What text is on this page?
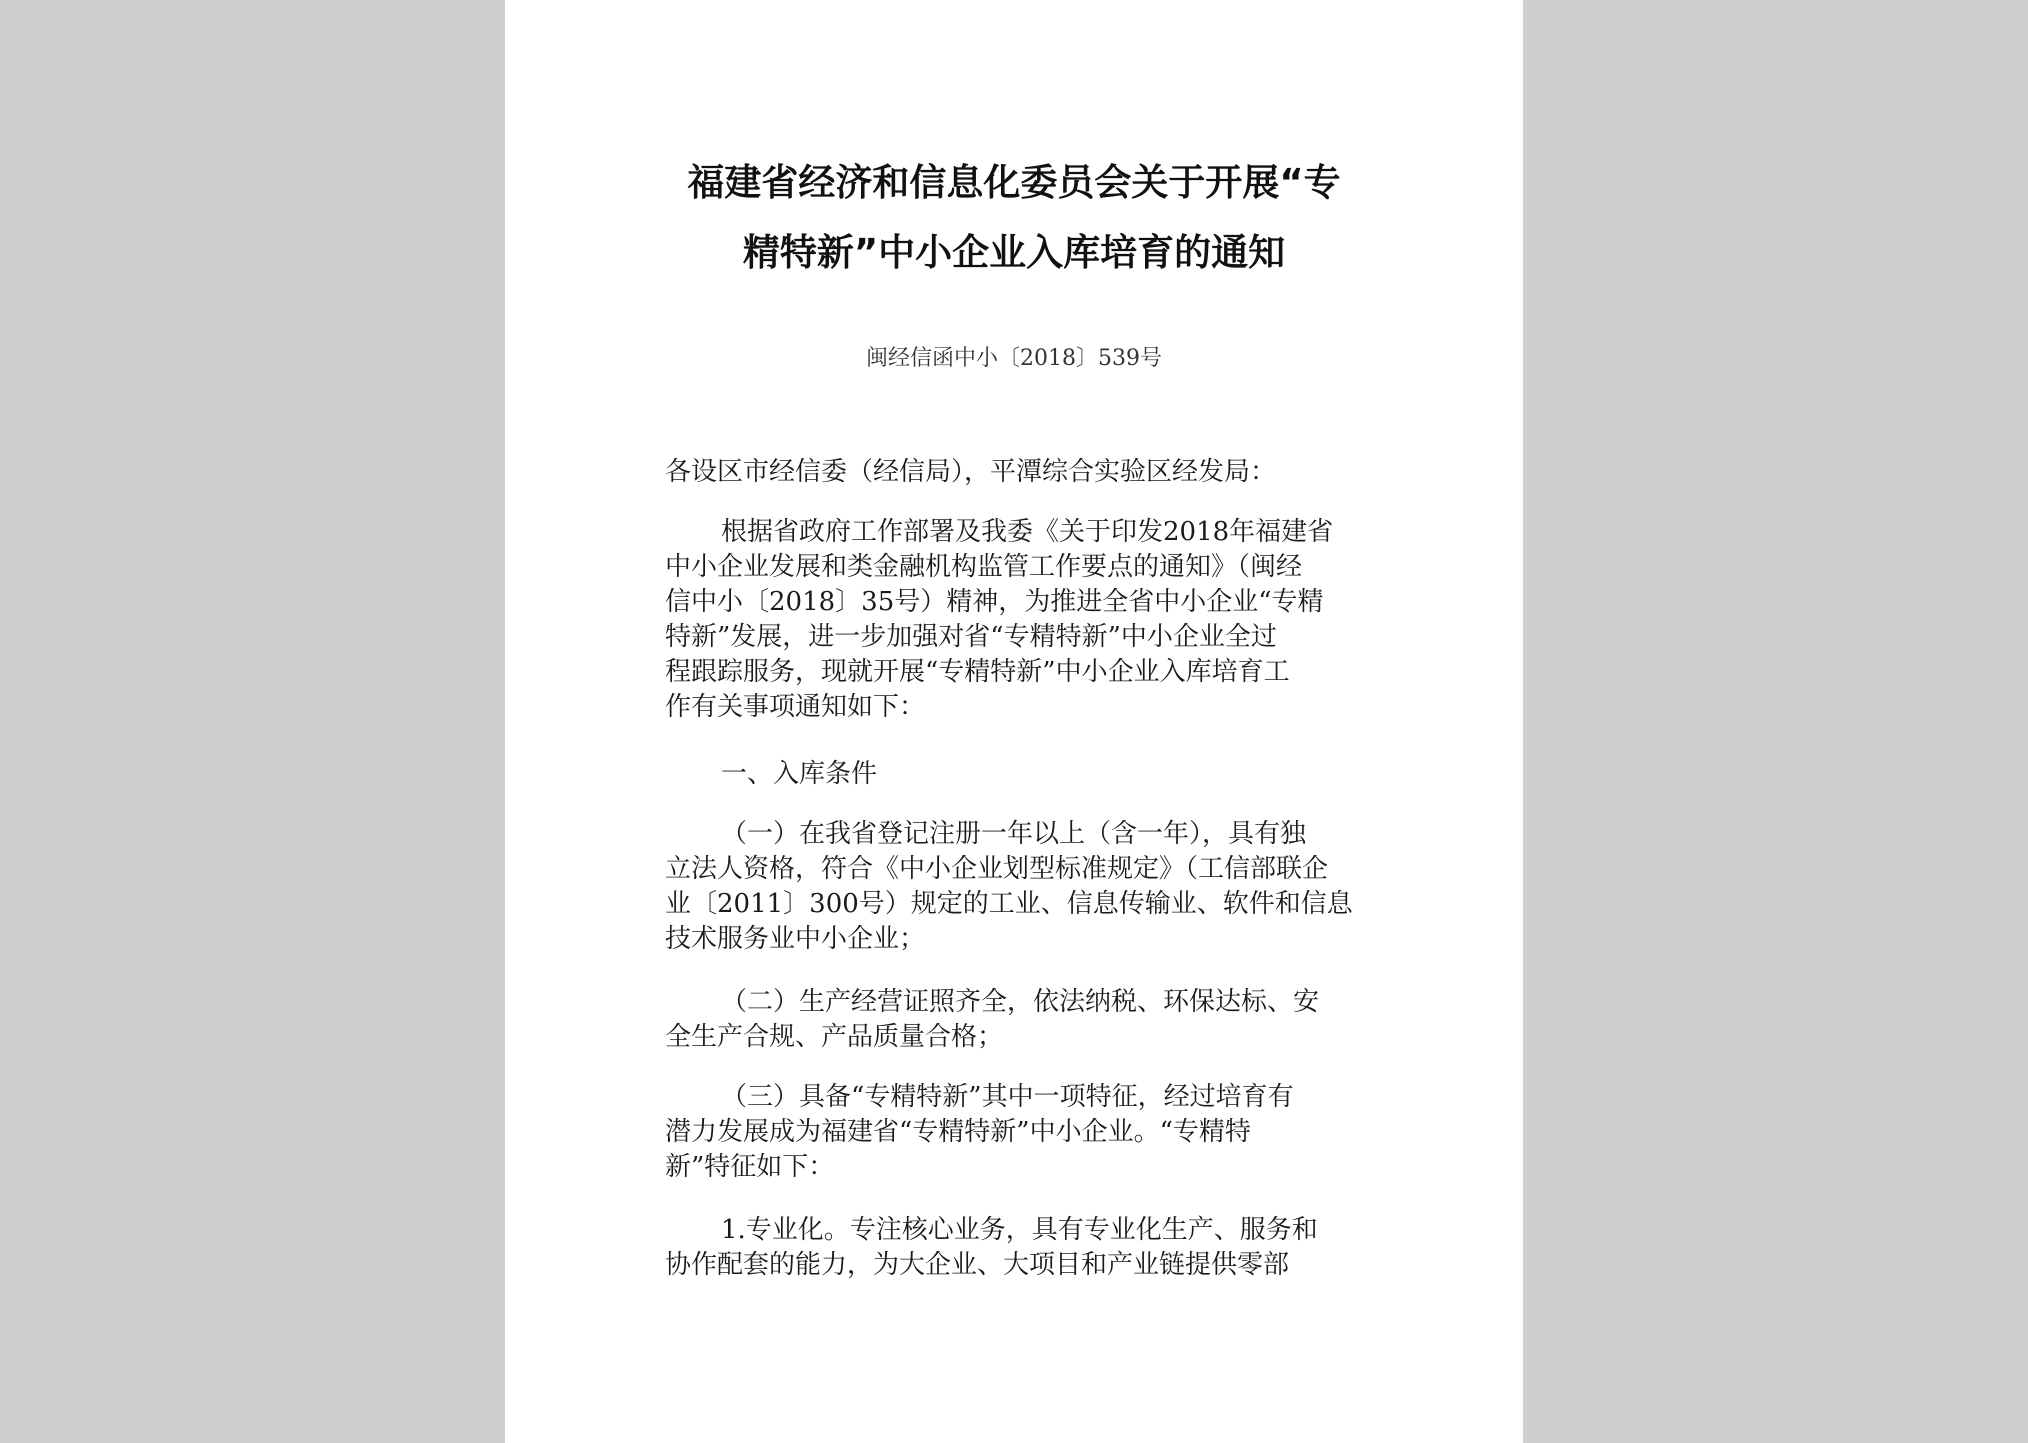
福建省经济和信息化委员会关于开展“专
精特新”中小企业入库培育的通知
闽经信函中小〔2018〕539号
各设区市经信委（经信局），平潭综合实验区经发局：
根据省政府工作部署及我委《关于印发2018年福建省
中小企业发展和类金融机构监管工作要点的通知》（闽经
信中小〔2018〕35号）精神，为推进全省中小企业“专精
特新”发展，进一步加强对省“专精特新”中小企业全过
程跟踪服务，现就开展“专精特新”中小企业入库培育工
作有关事项通知如下：
一、入库条件
（一）在我省登记注册一年以上（含一年），具有独
立法人资格，符合《中小企业划型标准规定》（工信部联企
业〔2011〕300号）规定的工业、信息传输业、软件和信息
技术服务业中小企业；
（二）生产经营证照齐全，依法纳税、环保达标、安
全生产合规、产品质量合格；
（三）具备“专精特新”其中一项特征，经过培育有
潜力发展成为福建省“专精特新”中小企业。“专精特
新”特征如下：
1.专业化。专注核心业务，具有专业化生产、服务和
协作配套的能力，为大企业、大项目和产业链提供零部
